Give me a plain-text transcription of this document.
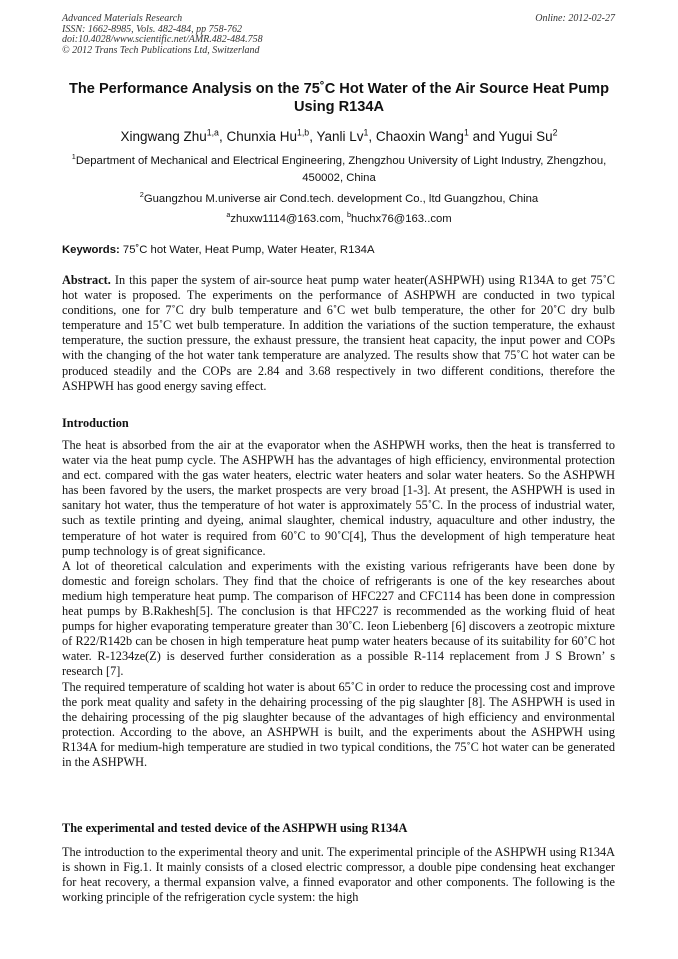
Advanced Materials Research
ISSN: 1662-8985, Vols. 482-484, pp 758-762
doi:10.4028/www.scientific.net/AMR.482-484.758
© 2012 Trans Tech Publications Ltd, Switzerland
Online: 2012-02-27
The Performance Analysis on the 75˚C Hot Water of the Air Source Heat Pump Using R134A
Xingwang Zhu$^{1,a}$, Chunxia Hu$^{1,b}$, Yanli Lv$^1$, Chaoxin Wang$^1$ and Yugui Su$^2$
$^1$Department of Mechanical and Electrical Engineering, Zhengzhou University of Light Industry, Zhengzhou, 450002, China
$^2$Guangzhou M.universe air Cond.tech. development Co., ltd Guangzhou, China
$^a$zhuxw1114@163.com, $^b$huchx76@163..com
Keywords: 75˚C hot Water, Heat Pump, Water Heater, R134A

Abstract. In this paper the system of air-source heat pump water heater(ASHPWH) using R134A to get 75˚C hot water is proposed. The experiments on the performance of ASHPWH are conducted in two typical conditions, one for 7˚C dry bulb temperature and 6˚C wet bulb temperature, the other for 20˚C dry bulb temperature and 15˚C wet bulb temperature. In addition the variations of the suction temperature, the exhaust temperature, the suction pressure, the exhaust pressure, the transient heat capacity, the input power and COPs with the changing of the hot water tank temperature are analyzed. The results show that 75˚C hot water can be produced steadily and the COPs are 2.84 and 3.68 respectively in two different conditions, therefore the ASHPWH has good energy saving effect.

Introduction

The heat is absorbed from the air at the evaporator when the ASHPWH works, then the heat is transferred to water via the heat pump cycle. The ASHPWH has the advantages of high efficiency, environmental protection and ect. compared with the gas water heaters, electric water heaters and solar water heaters. So the ASHPWH has been favored by the users, the market prospects are very broad [1-3]. At present, the ASHPWH is used in sanitary hot water, thus the temperature of hot water is approximately 55˚C. In the process of industrial water, such as textile printing and dyeing, animal slaughter, chemical industry, aquaculture and other industry, the temperature of hot water is required from 60˚C to 90˚C[4], Thus the development of high temperature heat pump technology is of great significance.

A lot of theoretical calculation and experiments with the existing various refrigerants have been done by domestic and foreign scholars. They find that the choice of refrigerants is one of the key researches about medium high temperature heat pump. The comparison of HFC227 and CFC114 has been done in compression heat pumps by B.Rakhesh[5]. The conclusion is that HFC227 is recommended as the working fluid of heat pumps for higher evaporating temperature greater than 30˚C. Ieon Liebenberg [6] discovers a zeotropic mixture of R22/R142b can be chosen in high temperature heat pump water heaters because of its suitability for 60˚C hot water. R-1234ze(Z) is deserved further consideration as a possible R-114 replacement from J S Brown’ s research [7].

The required temperature of scalding hot water is about 65˚C in order to reduce the processing cost and improve the pork meat quality and safety in the dehairing processing of the pig slaughter [8]. The ASHPWH is used in the dehairing processing of the pig slaughter because of the advantages of high efficiency and environmental protection. According to the above, an ASHPWH is built, and the experiments about the ASHPWH using R134A for medium-high temperature are studied in two typical conditions, the 75˚C hot water can be generated in the ASHPWH.

The experimental and tested device of the ASHPWH using R134A

The introduction to the experimental theory and unit. The experimental principle of the ASHPWH using R134A is shown in Fig.1. It mainly consists of a closed electric compressor, a double pipe condensing heat exchanger for heat recovery, a thermal expansion valve, a finned evaporator and other components. The following is the working principle of the refrigeration cycle system: the high
